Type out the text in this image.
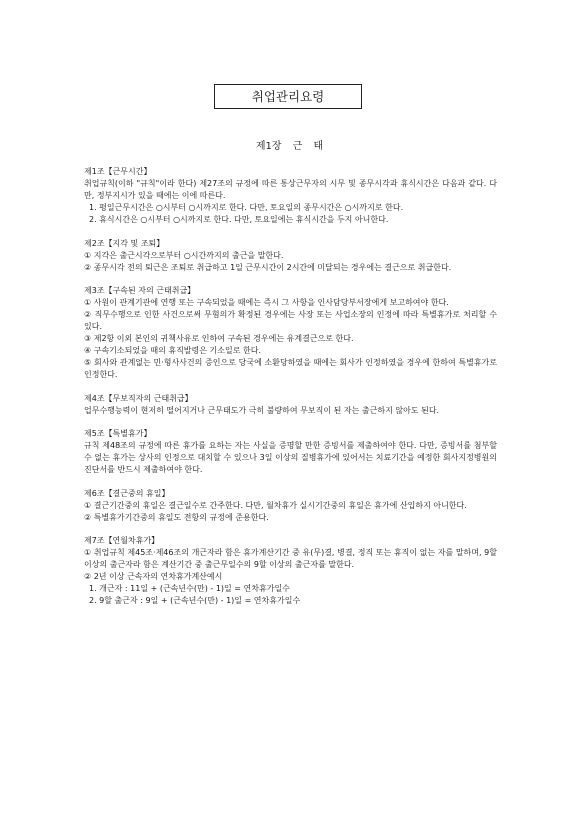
취업관리요령
제1장 근 태
제1조【근무시간】
취업규칙(이하 "규칙"이라 한다) 제27조의 규정에 따른 통상근무자의 시무 및 종무시각과 휴식시간은 다음과 같다. 다만, 정부지시가 있을 때에는 이에 따른다.
1. 평일근무시간은 ○시부터 ○시까지로 한다. 다만, 토요일의 종무시간은 ○시까지로 한다.
2. 휴식시간은 ○시부터 ○시까지로 한다. 다만, 토요일에는 휴식시간을 두지 아니한다.
제2조【지각 및 조퇴】
① 지각은 출근시각으로부터 ○시간까지의 출근을 말한다.
② 종무시각 전의 퇴근은 조퇴로 취급하고 1일 근무시간이 2시간에 미달되는 경우에는 결근으로 취급한다.
제3조【구속된 자의 근태취급】
① 사원이 관계기관에 연행 또는 구속되었을 때에는 즉시 그 사항을 인사담당부서장에게 보고하여야 한다.
② 직무수행으로 인한 사건으로써 무혐의가 확정된 경우에는 사장 또는 사업소장의 인정에 따라 특별휴가로 처리할 수 있다.
③ 제2항 이외 본인의 귀책사유로 인하여 구속된 경우에는 유계결근으로 한다.
④ 구속기소되었을 때의 휴직발령은 기소일로 한다.
⑤ 회사와 관계없는 민·형사사건의 증인으로 당국에 소환당하였을 때에는 회사가 인정하였을 경우에 한하여 특별휴가로 인정한다.
제4조【무보직자의 근태취급】
업무수행능력이 현저히 떨어지거나 근무태도가 극히 불량하여 무보직이 된 자는 출근하지 않아도 된다.
제5조【특별휴가】
규칙 제48조의 규정에 따른 휴가를 요하는 자는 사실을 증명할 만한 증빙서를 제출하여야 한다. 다만, 증빙서를 첨부할 수 없는 휴가는 상사의 인정으로 대치할 수 있으나 3일 이상의 질병휴가에 있어서는 치료기간을 예정한 회사지정병원의 진단서를 반드시 제출하여야 한다.
제6조【결근중의 휴일】
① 결근기간중의 휴일은 결근일수로 간주한다. 다만, 월차휴가 실시기간중의 휴일은 휴가에 산입하지 아니한다.
② 특별휴가기간중의 휴일도 전항의 규정에 준용한다.
제7조【연월차휴가】
① 취업규칙 제45조·제46조의 개근자라 함은 휴가계산기간 중 유(무)결, 병결, 정직 또는 휴직이 없는 자를 말하며, 9할 이상의 출근자라 함은 계산기간 중 출근무일수의 9할 이상의 출근자를 말한다.
② 2년 이상 근속자의 연차휴가계산예시
1. 개근자 : 11일 + (근속년수(만) - 1)일 = 연차휴가일수
2. 9할 출근자 : 9일 + (근속년수(만) - 1)일 = 연차휴가일수
